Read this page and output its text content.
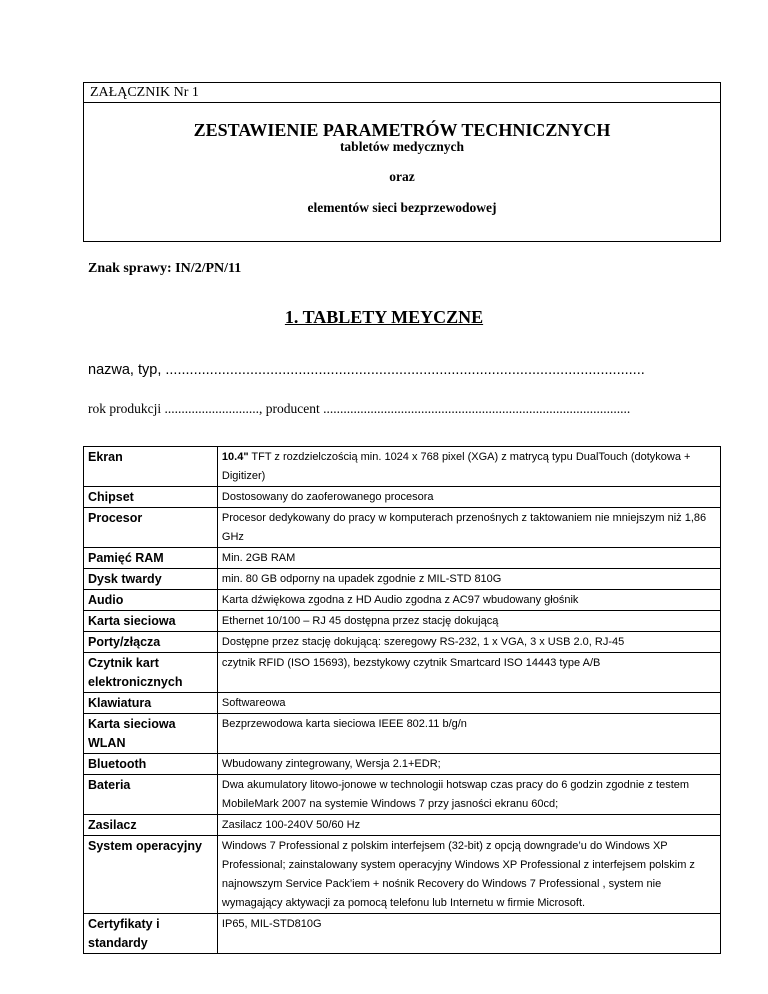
ZAŁĄCZNIK Nr 1
ZESTAWIENIE PARAMETRÓW TECHNICZNYCH
tabletów medycznych
oraz
elementów sieci bezprzewodowej
Znak sprawy: IN/2/PN/11
1. TABLETY MEYCZNE
nazwa, typ, .......................................................................................................................
rok produkcji ............................, producent ...........................................................................................
Ekran	10.4" TFT z rozdzielczością min. 1024 x 768 pixel (XGA) z matrycą typu DualTouch (dotykowa + Digitizer)
Chipset	Dostosowany do zaoferowanego procesora
Procesor	Procesor dedykowany do pracy w komputerach przenośnych z taktowaniem nie mniejszym niż 1,86 GHz
Pamięć RAM	Min. 2GB RAM
Dysk twardy	min. 80 GB odporny na upadek zgodnie z MIL-STD 810G
Audio	Karta dźwiękowa zgodna z HD Audio zgodna z AC97 wbudowany głośnik
Karta sieciowa	Ethernet 10/100 – RJ 45 dostępna przez stację dokującą
Porty/złącza	Dostępne przez stację dokującą: szeregowy RS-232, 1 x VGA, 3 x USB 2.0, RJ-45
Czytnik kart elektronicznych	czytnik RFID (ISO 15693), bezstykowy czytnik Smartcard ISO 14443 type A/B
Klawiatura	Softwareowa
Karta sieciowa WLAN	Bezprzewodowa karta sieciowa IEEE 802.11 b/g/n
Bluetooth	Wbudowany zintegrowany, Wersja 2.1+EDR;
Bateria	Dwa akumulatory litowo-jonowe w technologii hotswap czas pracy do 6 godzin zgodnie z testem MobileMark 2007 na systemie Windows 7 przy jasności ekranu 60cd;
Zasilacz	Zasilacz 100-240V 50/60 Hz
System operacyjny	Windows 7 Professional z polskim interfejsem (32-bit) z opcją downgrade’u do Windows XP Professional; zainstalowany system operacyjny Windows XP Professional z interfejsem polskim z najnowszym Service Pack’iem + nośnik Recovery do Windows 7 Professional , system nie wymagający aktywacji za pomocą telefonu lub Internetu w firmie Microsoft.
Certyfikaty i standardy	IP65, MIL-STD810G
